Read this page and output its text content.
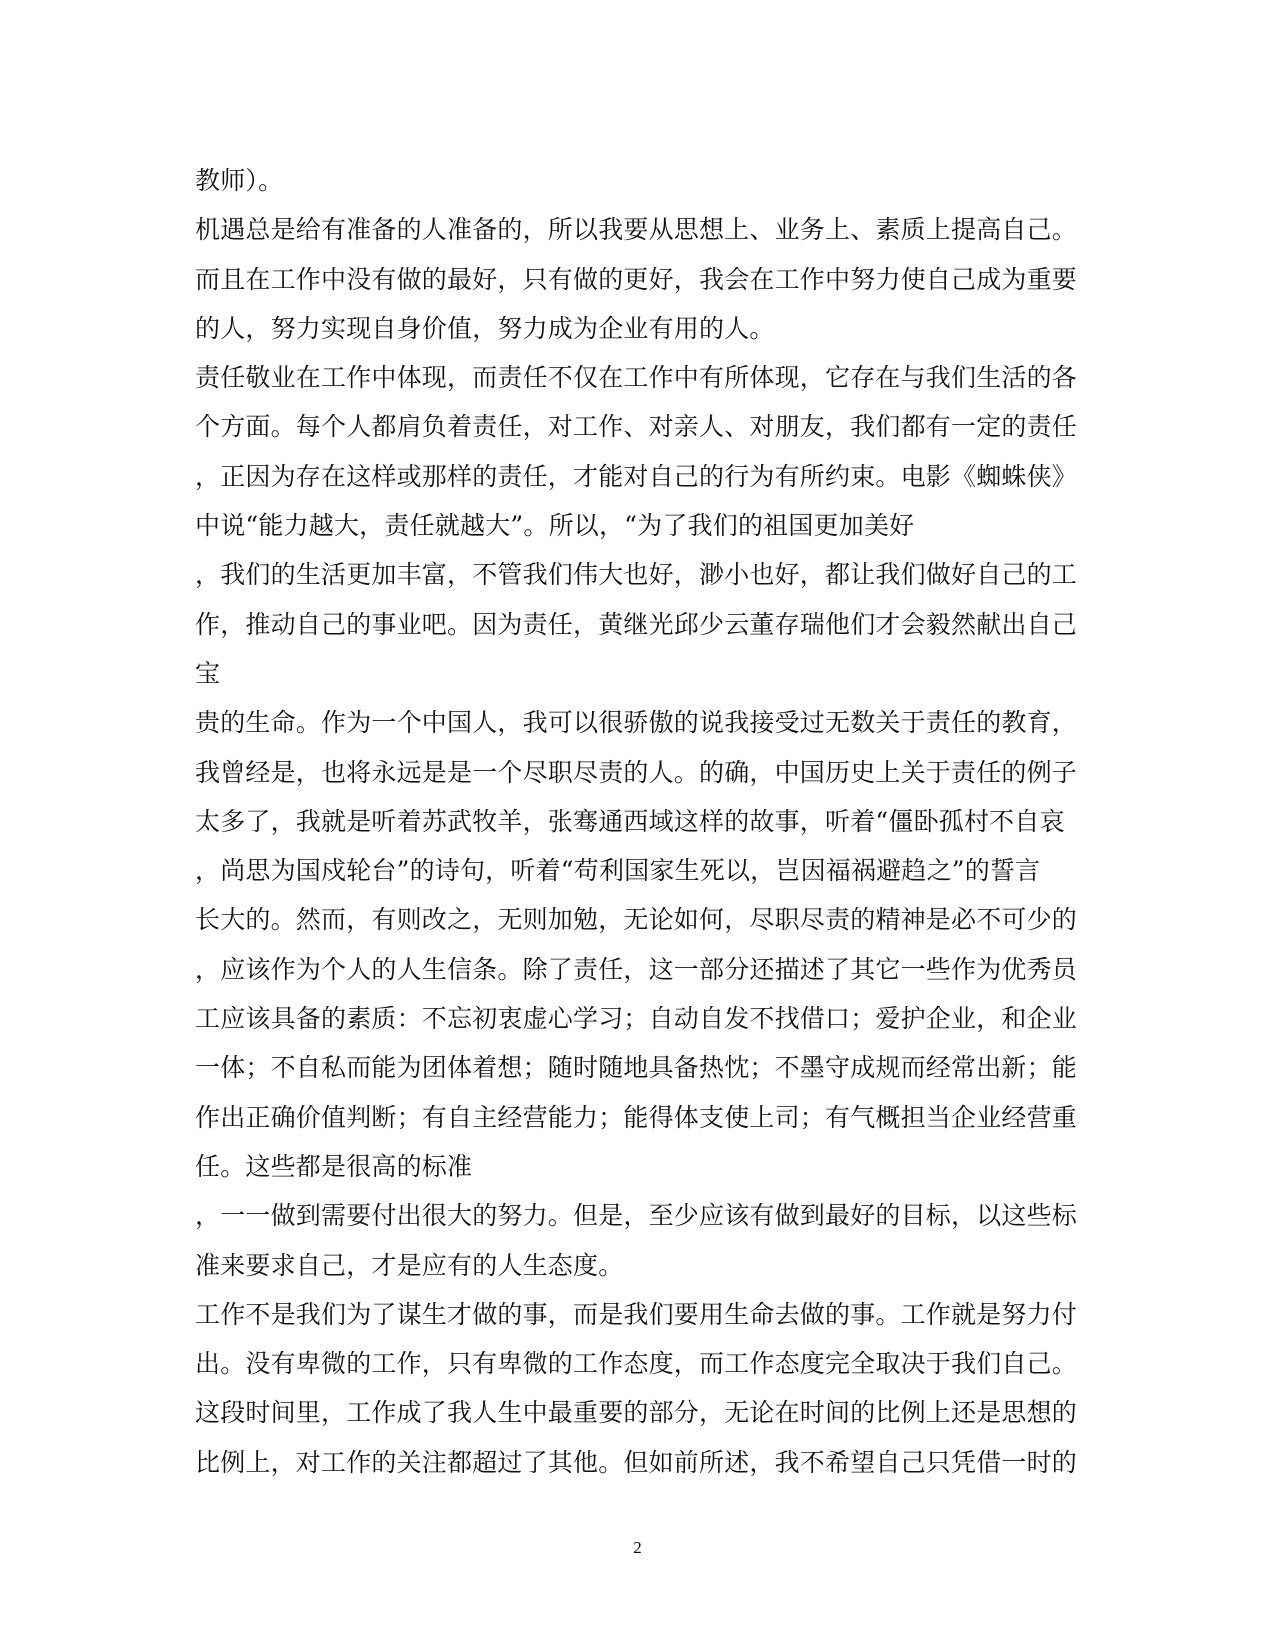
教师）。
机遇总是给有准备的人准备的，所以我要从思想上、业务上、素质上提高自己。
而且在工作中没有做的最好，只有做的更好，我会在工作中努力使自己成为重要
的人，努力实现自身价值，努力成为企业有用的人。
责任敬业在工作中体现，而责任不仅在工作中有所体现，它存在与我们生活的各
个方面。每个人都肩负着责任，对工作、对亲人、对朋友，我们都有一定的责任
，正因为存在这样或那样的责任，才能对自己的行为有所约束。电影《蜘蛛侠》
中说“能力越大，责任就越大”。所以，“为了我们的祖国更加美好
，我们的生活更加丰富，不管我们伟大也好，渺小也好，都让我们做好自己的工
作，推动自己的事业吧。因为责任，黄继光邱少云董存瑞他们才会毅然献出自己
宝
贵的生命。作为一个中国人，我可以很骄傲的说我接受过无数关于责任的教育，
我曾经是，也将永远是是一个尽职尽责的人。的确，中国历史上关于责任的例子
太多了，我就是听着苏武牧羊，张骞通西域这样的故事，听着“僵卧孤村不自哀
，尚思为国戍轮台”的诗句，听着“苟利国家生死以，岂因福祸避趋之”的誓言
长大的。然而，有则改之，无则加勉，无论如何，尽职尽责的精神是必不可少的
，应该作为个人的人生信条。除了责任，这一部分还描述了其它一些作为优秀员
工应该具备的素质：不忘初衷虚心学习；自动自发不找借口；爱护企业，和企业
一体；不自私而能为团体着想；随时随地具备热忱；不墨守成规而经常出新；能
作出正确价值判断；有自主经营能力；能得体支使上司；有气概担当企业经营重
任。这些都是很高的标准
，一一做到需要付出很大的努力。但是，至少应该有做到最好的目标，以这些标
准来要求自己，才是应有的人生态度。
工作不是我们为了谋生才做的事，而是我们要用生命去做的事。工作就是努力付
出。没有卑微的工作，只有卑微的工作态度，而工作态度完全取决于我们自己。
这段时间里，工作成了我人生中最重要的部分，无论在时间的比例上还是思想的
比例上，对工作的关注都超过了其他。但如前所述，我不希望自己只凭借一时的
2
